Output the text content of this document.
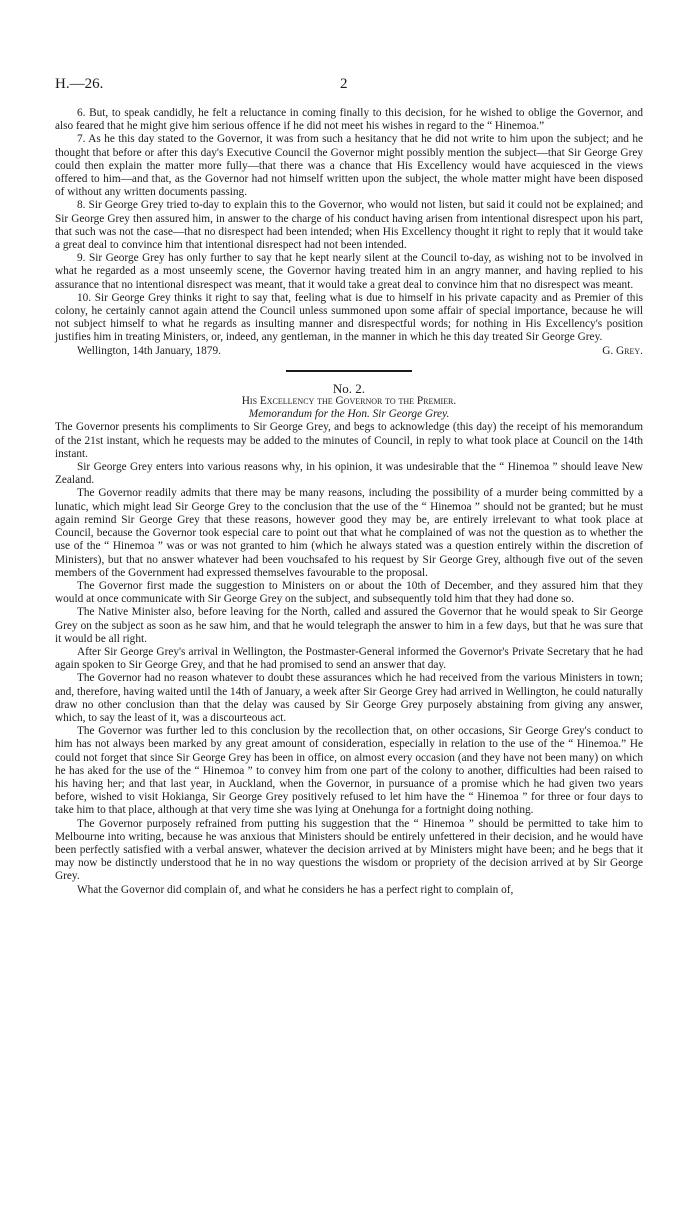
H.—26.	2

6. But, to speak candidly, he felt a reluctance in coming finally to this decision, for he wished to oblige the Governor, and also feared that he might give him serious offence if he did not meet his wishes in regard to the “ Hinemoa.”

7. As he this day stated to the Governor, it was from such a hesitancy that he did not write to him upon the subject; and he thought that before or after this day's Executive Council the Governor might possibly mention the subject—that Sir George Grey could then explain the matter more fully—that there was a chance that His Excellency would have acquiesced in the views offered to him—and that, as the Governor had not himself written upon the subject, the whole matter might have been disposed of without any written documents passing.

8. Sir George Grey tried to-day to explain this to the Governor, who would not listen, but said it could not be explained; and Sir George Grey then assured him, in answer to the charge of his conduct having arisen from intentional disrespect upon his part, that such was not the case—that no disrespect had been intended; when His Excellency thought it right to reply that it would take a great deal to convince him that intentional disrespect had not been intended.

9. Sir George Grey has only further to say that he kept nearly silent at the Council to-day, as wishing not to be involved in what he regarded as a most unseemly scene, the Governor having treated him in an angry manner, and having replied to his assurance that no intentional disrespect was meant, that it would take a great deal to convince him that no disrespect was meant.

10. Sir George Grey thinks it right to say that, feeling what is due to himself in his private capacity and as Premier of this colony, he certainly cannot again attend the Council unless summoned upon some affair of special importance, because he will not subject himself to what he regards as insulting manner and disrespectful words; for nothing in His Excellency's position justifies him in treating Ministers, or, indeed, any gentleman, in the manner in which he this day treated Sir George Grey.

Wellington, 14th January, 1879.	G. Grey.

No. 2.

His Excellency the Governor to the Premier.

Memorandum for the Hon. Sir George Grey.

The Governor presents his compliments to Sir George Grey, and begs to acknowledge (this day) the receipt of his memorandum of the 21st instant, which he requests may be added to the minutes of Council, in reply to what took place at Council on the 14th instant.

Sir George Grey enters into various reasons why, in his opinion, it was undesirable that the “ Hinemoa ” should leave New Zealand.

The Governor readily admits that there may be many reasons, including the possibility of a murder being committed by a lunatic, which might lead Sir George Grey to the conclusion that the use of the “ Hinemoa ” should not be granted; but he must again remind Sir George Grey that these reasons, however good they may be, are entirely irrelevant to what took place at Council, because the Governor took especial care to point out that what he complained of was not the question as to whether the use of the “ Hinemoa ” was or was not granted to him (which he always stated was a question entirely within the discretion of Ministers), but that no answer whatever had been vouchsafed to his request by Sir George Grey, although five out of the seven members of the Government had expressed themselves favourable to the proposal.

The Governor first made the suggestion to Ministers on or about the 10th of December, and they assured him that they would at once communicate with Sir George Grey on the subject, and subsequently told him that they had done so.

The Native Minister also, before leaving for the North, called and assured the Governor that he would speak to Sir George Grey on the subject as soon as he saw him, and that he would telegraph the answer to him in a few days, but that he was sure that it would be all right.

After Sir George Grey's arrival in Wellington, the Postmaster-General informed the Governor's Private Secretary that he had again spoken to Sir George Grey, and that he had promised to send an answer that day.

The Governor had no reason whatever to doubt these assurances which he had received from the various Ministers in town; and, therefore, having waited until the 14th of January, a week after Sir George Grey had arrived in Wellington, he could naturally draw no other conclusion than that the delay was caused by Sir George Grey purposely abstaining from giving any answer, which, to say the least of it, was a discourteous act.

The Governor was further led to this conclusion by the recollection that, on other occasions, Sir George Grey's conduct to him has not always been marked by any great amount of consideration, especially in relation to the use of the “ Hinemoa.” He could not forget that since Sir George Grey has been in office, on almost every occasion (and they have not been many) on which he has aked for the use of the “ Hinemoa ” to convey him from one part of the colony to another, difficulties had been raised to his having her; and that last year, in Auckland, when the Governor, in pursuance of a promise which he had given two years before, wished to visit Hokianga, Sir George Grey positively refused to let him have the “ Hinemoa ” for three or four days to take him to that place, although at that very time she was lying at Onehunga for a fortnight doing nothing.

The Governor purposely refrained from putting his suggestion that the “ Hinemoa ” should be permitted to take him to Melbourne into writing, because he was anxious that Ministers should be entirely unfettered in their decision, and he would have been perfectly satisfied with a verbal answer, whatever the decision arrived at by Ministers might have been; and he begs that it may now be distinctly understood that he in no way questions the wisdom or propriety of the decision arrived at by Sir George Grey.

What the Governor did complain of, and what he considers he has a perfect right to complain of,
